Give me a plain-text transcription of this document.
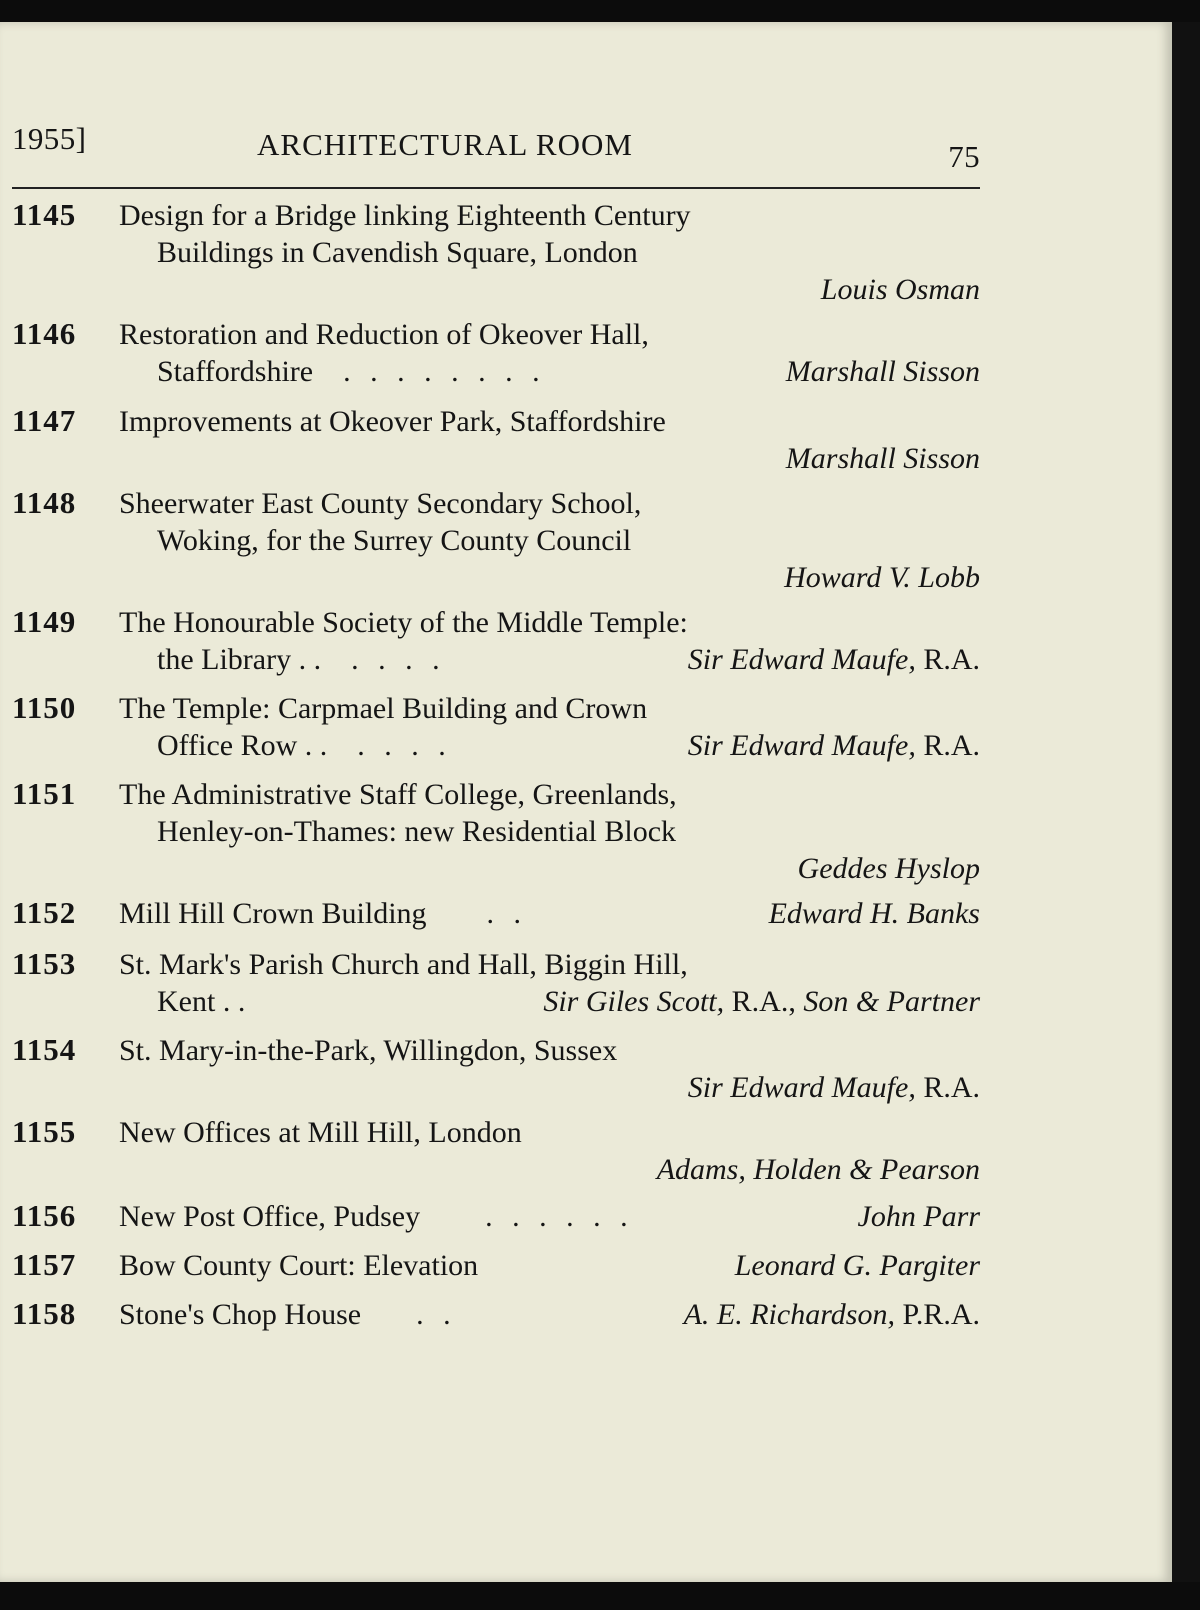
1955]	ARCHITECTURAL ROOM	75
1145	Design for a Bridge linking Eighteenth Century
Buildings in Cavendish Square, London
Louis Osman
1146	Restoration and Reduction of Okeover Hall,
Staffordshire	. . . . . . . .	Marshall Sisson
1147	Improvements at Okeover Park, Staffordshire
Marshall Sisson
1148	Sheerwater East County Secondary School,
Woking, for the Surrey County Council
Howard V. Lobb
1149	The Honourable Society of the Middle Temple:
the Library . .	. . . .	Sir Edward Maufe, R.A.
1150	The Temple: Carpmael Building and Crown
Office Row . .	. . . .	Sir Edward Maufe, R.A.
1151	The Administrative Staff College, Greenlands,
Henley-on-Thames: new Residential Block
Geddes Hyslop
1152 Mill Hill Crown Building	. .	Edward H. Banks
1153	St. Mark's Parish Church and Hall, Biggin Hill,
Kent . .	Sir Giles Scott, R.A., Son & Partner
1154	St. Mary-in-the-Park, Willingdon, Sussex
Sir Edward Maufe, R.A.
1155	New Offices at Mill Hill, London
Adams, Holden & Pearson
1156 New Post Office, Pudsey	. . . . . .	John Parr
1157 Bow County Court: Elevation	Leonard G. Pargiter
1158 Stone's Chop House	. .	A. E. Richardson, P.R.A.
